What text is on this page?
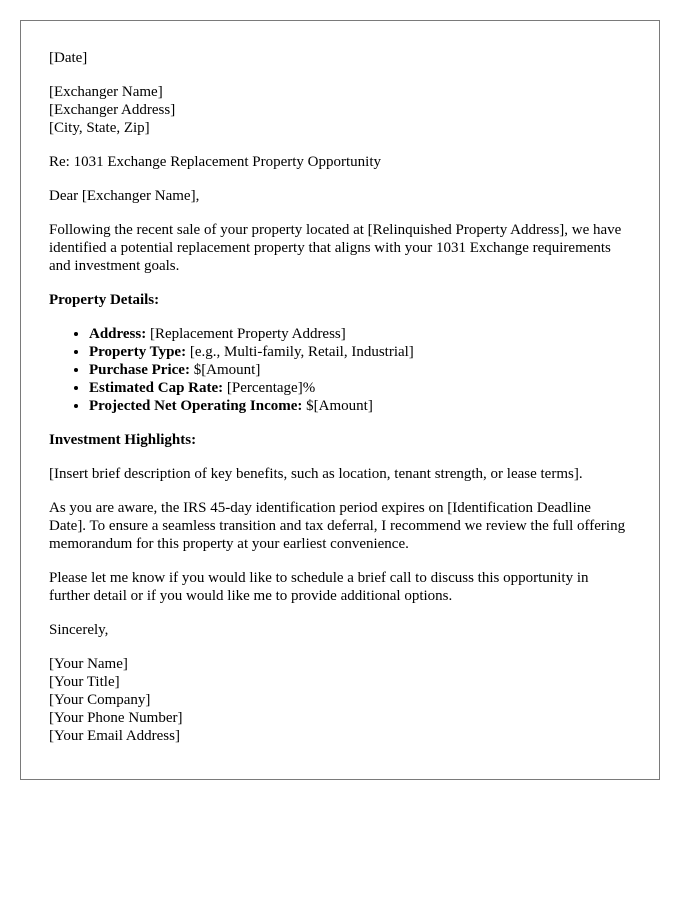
[Date]

[Exchanger Name]

[Exchanger Address]

[City, State, Zip]

Re: 1031 Exchange Replacement Property Opportunity

Dear [Exchanger Name],

Following the recent sale of your property located at [Relinquished Property Address], we have identified a potential replacement property that aligns with your 1031 Exchange requirements and investment goals.

Property Details:

• Address: [Replacement Property Address]
• Property Type: [e.g., Multi-family, Retail, Industrial]
• Purchase Price: $[Amount]
• Estimated Cap Rate: [Percentage]%
• Projected Net Operating Income: $[Amount]

Investment Highlights:

[Insert brief description of key benefits, such as location, tenant strength, or lease terms].

As you are aware, the IRS 45-day identification period expires on [Identification Deadline Date]. To ensure a seamless transition and tax deferral, I recommend we review the full offering memorandum for this property at your earliest convenience.

Please let me know if you would like to schedule a brief call to discuss this opportunity in further detail or if you would like me to provide additional options.

Sincerely,

[Your Name]

[Your Title]

[Your Company]

[Your Phone Number]

[Your Email Address]
